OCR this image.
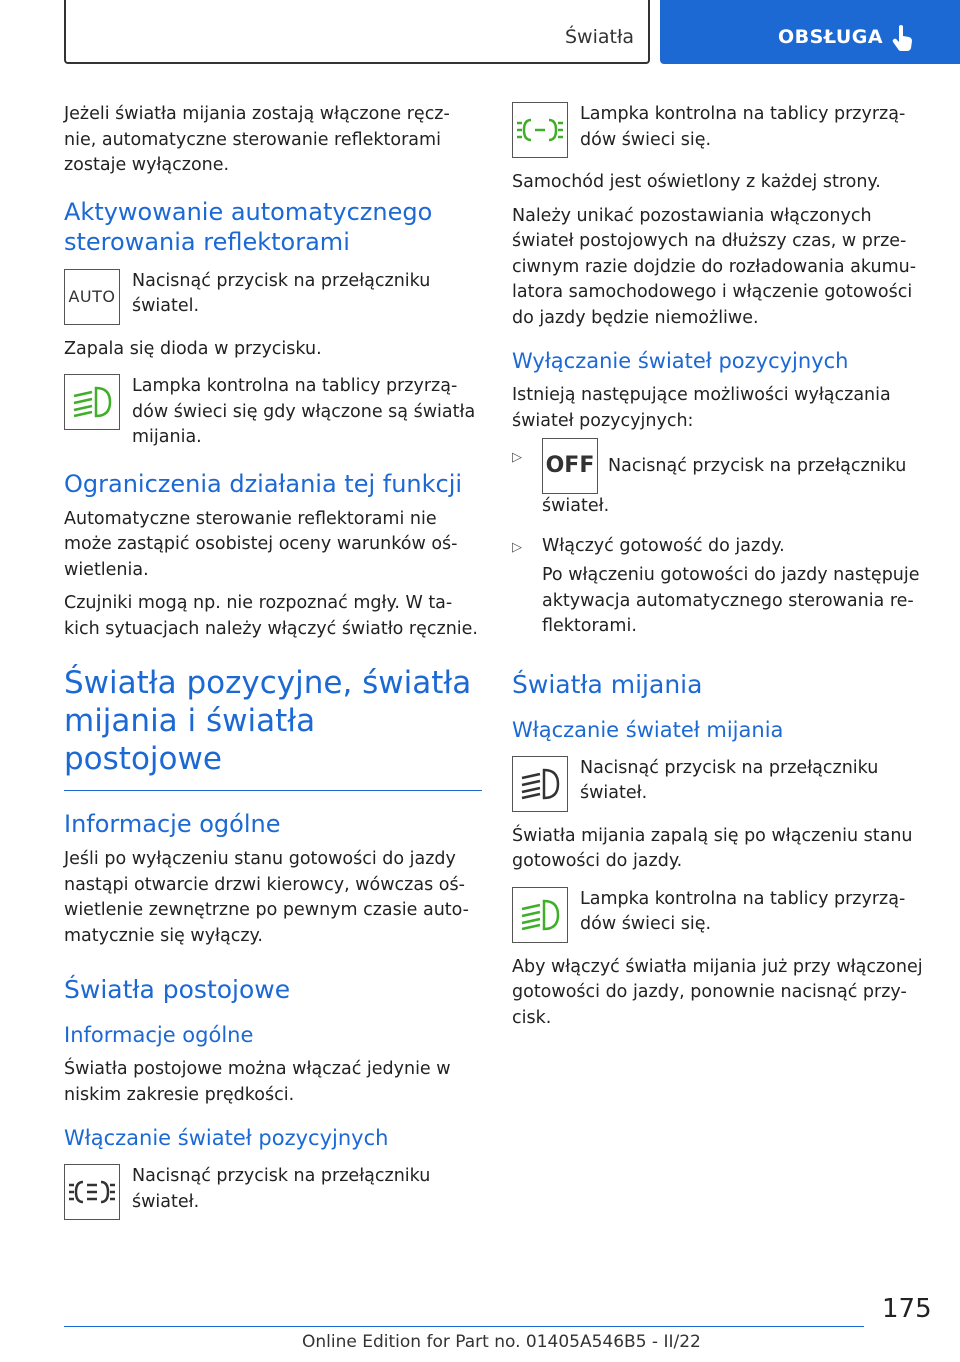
Światła	OBSŁUGA

Jeżeli światła mijania zostają włączone ręcz-
nie, automatyczne sterowanie reflektorami
zostaje wyłączone.

Aktywowanie automatycznego sterowania reflektorami
AUTO

Nacisnąć przycisk na przełączniku światel.

Zapala się dioda w przycisku.

Lampka kontrolna na tablicy przyrzą-dów świeci się gdy włączone są światła mijania.

Ograniczenia działania tej funkcji

Automatyczne sterowanie reflektorami nie może zastąpić osobistej oceny warunków oś-wietlenia.

Czujniki mogą np. nie rozpoznać mgły. W ta-kich sytuacjach należy włączyć światło ręcznie.

Światła pozycyjne, światła mijania i światła postojowe
Informacje ogólne

Jeśli po wyłączeniu stanu gotowości do jazdy nastąpi otwarcie drzwi kierowcy, wówczas oś-wietlenie zewnętrzne po pewnym czasie auto-matycznie się wyłączy.

Światła postojowe
Informacje ogólne

Światła postojowe można włączać jedynie w niskim zakresie prędkości.

Włączanie świateł pozycyjnych

Nacisnąć przycisk na przełączniku świateł.

Lampka kontrolna na tablicy przyrzą-dów świeci się.

Samochód jest oświetlony z każdej strony.

Należy unikać pozostawiania włączonych świateł postojowych na dłuższy czas, w prze-ciwnym razie dojdzie do rozładowania akumu-latora samochodowego i włączenie gotowości do jazdy będzie niemożliwe.

Wyłączanie świateł pozycyjnych

Istnieją następujące możliwości wyłączania świateł pozycyjnych:

▷	OFF Nacisnąć przycisk na przełączniku świateł.

▷	Włączyć gotowość do jazdy.

Po włączeniu gotowości do jazdy następuje aktywacja automatycznego sterowania re-flektorami.

Światła mijania
Włączanie świateł mijania

Nacisnąć przycisk na przełączniku świateł.

Światła mijania zapalą się po włączeniu stanu gotowości do jazdy.

Lampka kontrolna na tablicy przyrzą-dów świeci się.

Aby włączyć światła mijania już przy włączonej gotowości do jazdy, ponownie nacisnąć przy-cisk.

175
Online Edition for Part no. 01405A546B5 - II/22
